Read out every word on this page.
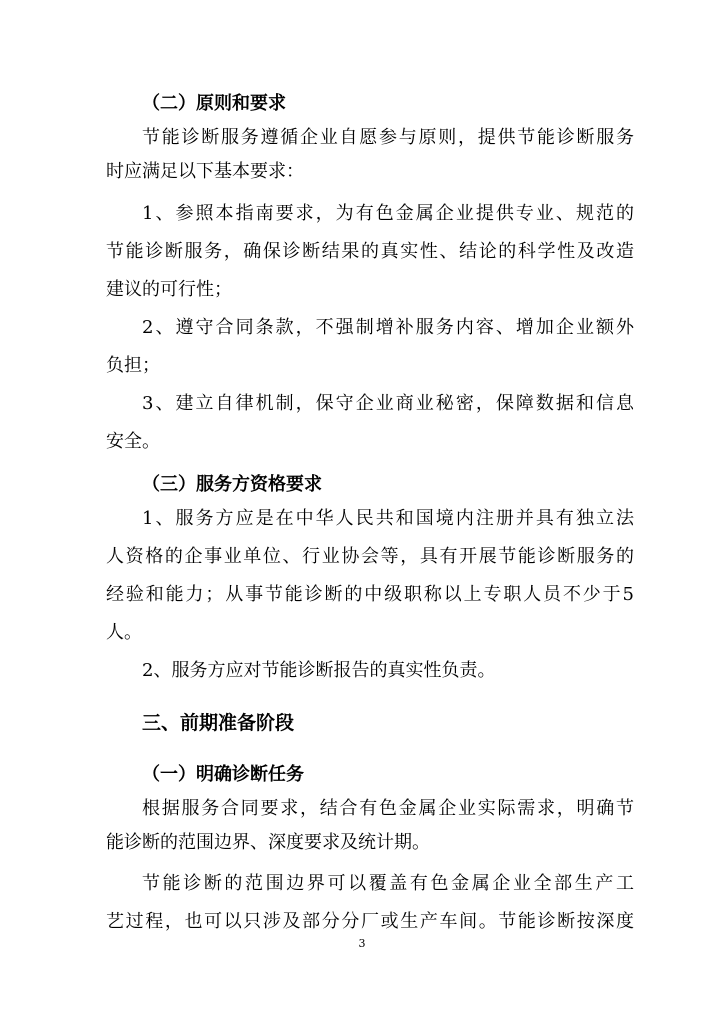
（二）原则和要求
节能诊断服务遵循企业自愿参与原则，提供节能诊断服务
时应满足以下基本要求：
1、参照本指南要求，为有色金属企业提供专业、规范的
节能诊断服务，确保诊断结果的真实性、结论的科学性及改造
建议的可行性；
2、遵守合同条款，不强制增补服务内容、增加企业额外
负担；
3、建立自律机制，保守企业商业秘密，保障数据和信息
安全。
（三）服务方资格要求
1、服务方应是在中华人民共和国境内注册并具有独立法
人资格的企事业单位、行业协会等，具有开展节能诊断服务的
经验和能力；从事节能诊断的中级职称以上专职人员不少于5
人。
2、服务方应对节能诊断报告的真实性负责。
三、前期准备阶段
（一）明确诊断任务
根据服务合同要求，结合有色金属企业实际需求，明确节
能诊断的范围边界、深度要求及统计期。
节能诊断的范围边界可以覆盖有色金属企业全部生产工
艺过程，也可以只涉及部分分厂或生产车间。节能诊断按深度
3
